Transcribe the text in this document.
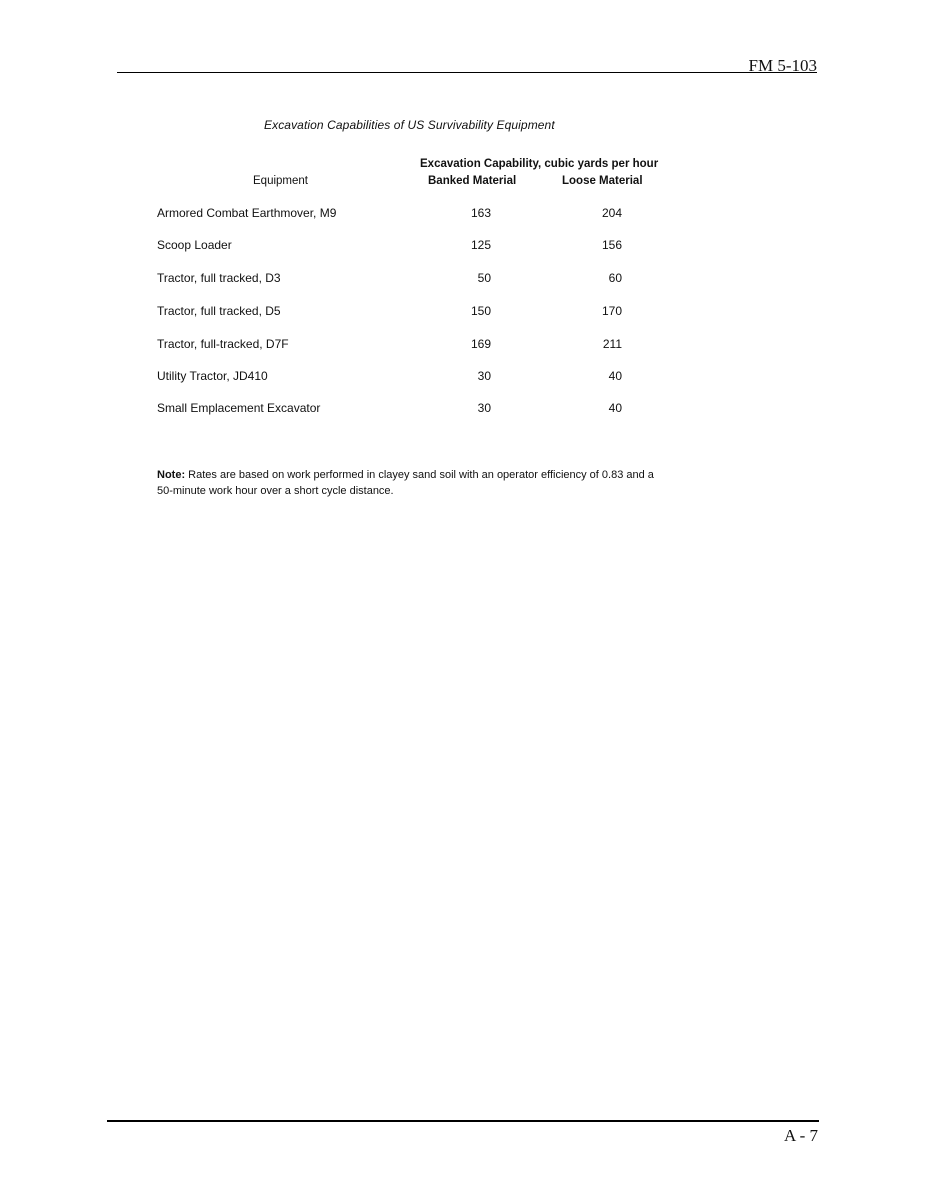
FM 5-103
Excavation Capabilities of US Survivability Equipment
Excavation Capability, cubic yards per hour
Equipment	Banked Material	Loose Material
Armored Combat Earthmover, M9	163	204
Scoop Loader	125	156
Tractor, full tracked, D3	50	60
Tractor, full tracked, D5	150	170
Tractor, full-tracked, D7F	169	211
Utility Tractor, JD410	30	40
Small Emplacement Excavator	30	40
Note: Rates are based on work performed in clayey sand soil with an operator efficiency of 0.83 and a 50-minute work hour over a short cycle distance.
A - 7
